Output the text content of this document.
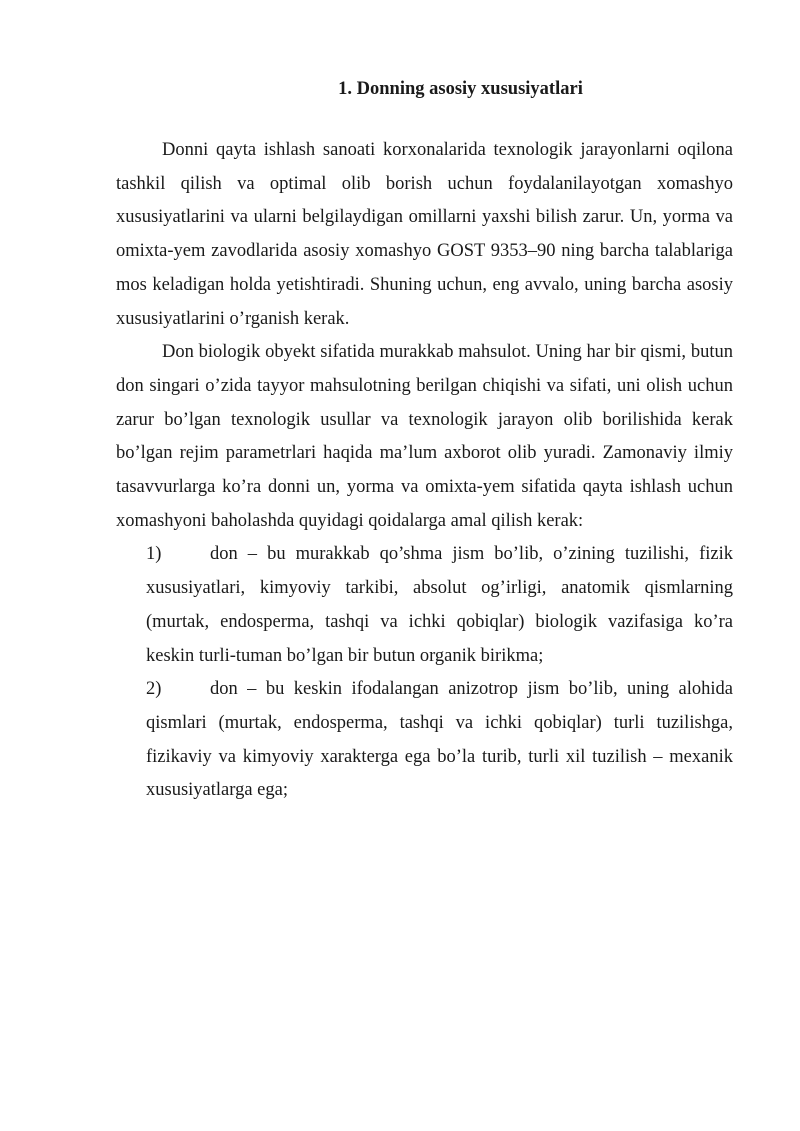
1. Donning asosiy xususiyatlari

Donni qayta ishlash sanoati korxonalarida texnologik jarayonlarni oqilona tashkil qilish va optimal olib borish uchun foydalanilayotgan xomashyo xususiyatlarini va ularni belgilaydigan omillarni yaxshi bilish zarur. Un, yorma va omixta-yem zavodlarida asosiy xomashyo GOST 9353–90 ning barcha talablariga mos keladigan holda yetishtiradi. Shuning uchun, eng avvalo, uning barcha asosiy xususiyatlarini o’rganish kerak.

Don biologik obyekt sifatida murakkab mahsulot. Uning har bir qismi, butun don singari o’zida tayyor mahsulotning berilgan chiqishi va sifati, uni olish uchun zarur bo’lgan texnologik usullar va texnologik jarayon olib borilishida kerak bo’lgan rejim parametrlari haqida ma’lum axborot olib yuradi. Zamonaviy ilmiy tasavvurlarga ko’ra donni un, yorma va omixta-yem sifatida qayta ishlash uchun xomashyoni baholashda quyidagi qoidalarga amal qilish kerak:

1)	don – bu murakkab qo’shma jism bo’lib, o’zining tuzilishi, fizik xususiyatlari, kimyoviy tarkibi, absolut og’irligi, anatomik qismlarning (murtak, endosperma, tashqi va ichki qobiqlar) biologik vazifasiga ko’ra keskin turli-tuman bo’lgan bir butun organik birikma;
2)	don – bu keskin ifodalangan anizotrop jism bo’lib, uning alohida qismlari (murtak, endosperma, tashqi va ichki qobiqlar) turli tuzilishga, fizikaviy va kimyoviy xarakterga ega bo’la turib, turli xil tuzilish – mexanik xususiyatlarga ega;
